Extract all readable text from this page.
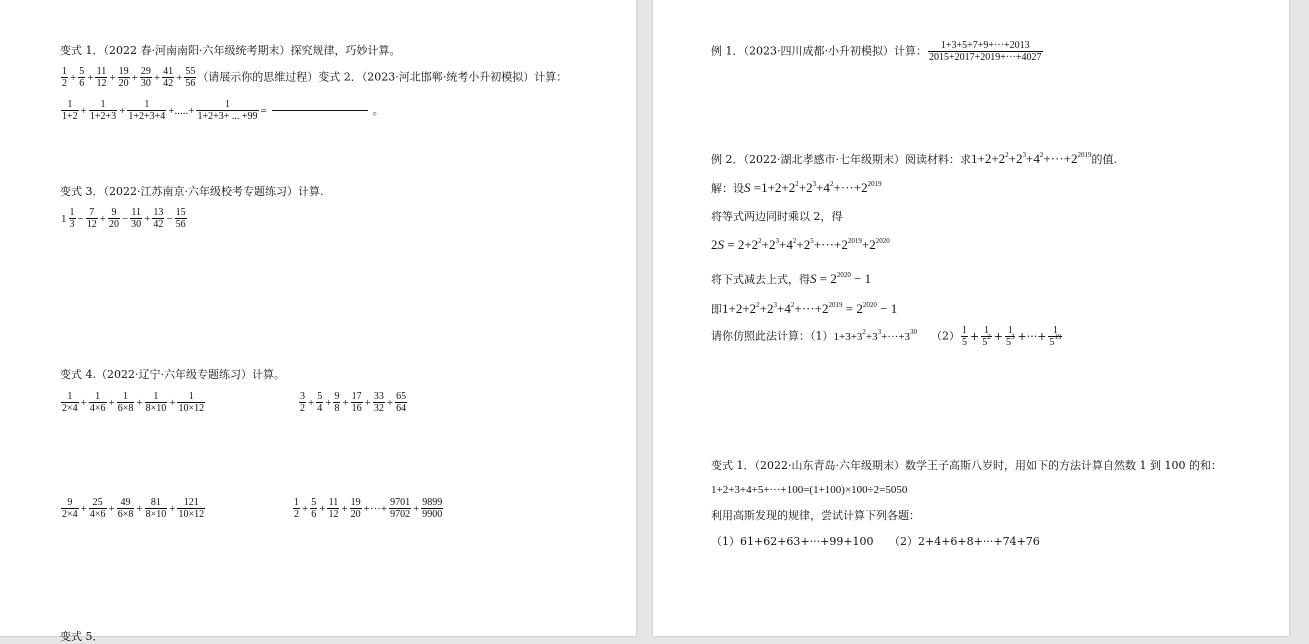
变式 1．（2022 春·河南南阳·六年级统考期末）探究规律，巧妙计算。
$\frac{1}{2} + \frac{5}{6} + \frac{11}{12} + \frac{19}{20} + \frac{29}{30} + \frac{41}{42} + \frac{55}{56}$ （请展示你的思维过程）变式 2．（2023·河北邯郸·统考小升初模拟）计算：
$\frac{1}{1+2} + \frac{1}{1+2+3} + \frac{1}{1+2+3+4}$ +.....+ $\frac{1}{1+2+3+ ... +99}$ =	。
变式 3．（2022·江苏南京·六年级校考专题练习）计算.
$1 \frac{1}{3} - \frac{7}{12} + \frac{9}{20} - \frac{11}{30} + \frac{13}{42} - \frac{15}{56}$
变式 4.（2022·辽宁·六年级专题练习）计算。
$\frac{1}{2\times 4} + \frac{1}{4\times 6} + \frac{1}{6\times 8} + \frac{1}{8\times 10} + \frac{1}{10\times 12}$	$\frac{3}{2} + \frac{5}{4} + \frac{9}{8} + \frac{17}{16} + \frac{33}{32} + \frac{65}{64}$
$\frac{9}{2\times 4} + \frac{25}{4\times 6} + \frac{49}{6\times 8} + \frac{81}{8\times 10} + \frac{121}{10\times 12}$	$\frac{1}{2} + \frac{5}{6} + \frac{11}{12} + \frac{19}{20}$ +···+ $\frac{9701}{9702} + \frac{9899}{9900}$
变式 5．
例 1．（2023·四川成都·小升初模拟）计算： $\frac{1+3+5+7+9+\cdot\cdot\cdot+2013}{2015+2017+2019+\cdot\cdot\cdot+4027}$
例 2．（2022·湖北孝感市·七年级期末）阅读材料：求$1+2+2^2+2^3+4^2+\cdot\cdot\cdot+2^{2019}$的值.
解：设$S =1+2+2^2+2^3+4^2+\cdot\cdot\cdot+2^{2019}$
将等式两边同时乘以 2，得
$2S = 2+2^2+2^3+4^2+2^5+\cdot\cdot\cdot+2^{2019}+2^{2020}$
将下式减去上式，得$S = 2^{2020} - 1$
即$1+2+2^2+2^3+4^2+\cdot\cdot\cdot+2^{2019} = 2^{2020} - 1$
请你仿照此法计算：$(1)1+3+3^2+3^3+\cdot\cdot\cdot+3^{30}$ $(2) \frac{1}{5} + \frac{1}{5^2} + \frac{1}{5^3}$ +···+ $\frac{1}{5^{19}}$
变式 1．（2022·山东青岛·六年级期末）数学王子高斯八岁时，用如下的方法计算自然数 1 到 100 的和：
1+2+3+4+5+···+100=(1+100)×100÷2=5050
利用高斯发现的规律，尝试计算下列各题：
（1）61+62+63+···+99+100 （2）2+4+6+8+···+74+76
